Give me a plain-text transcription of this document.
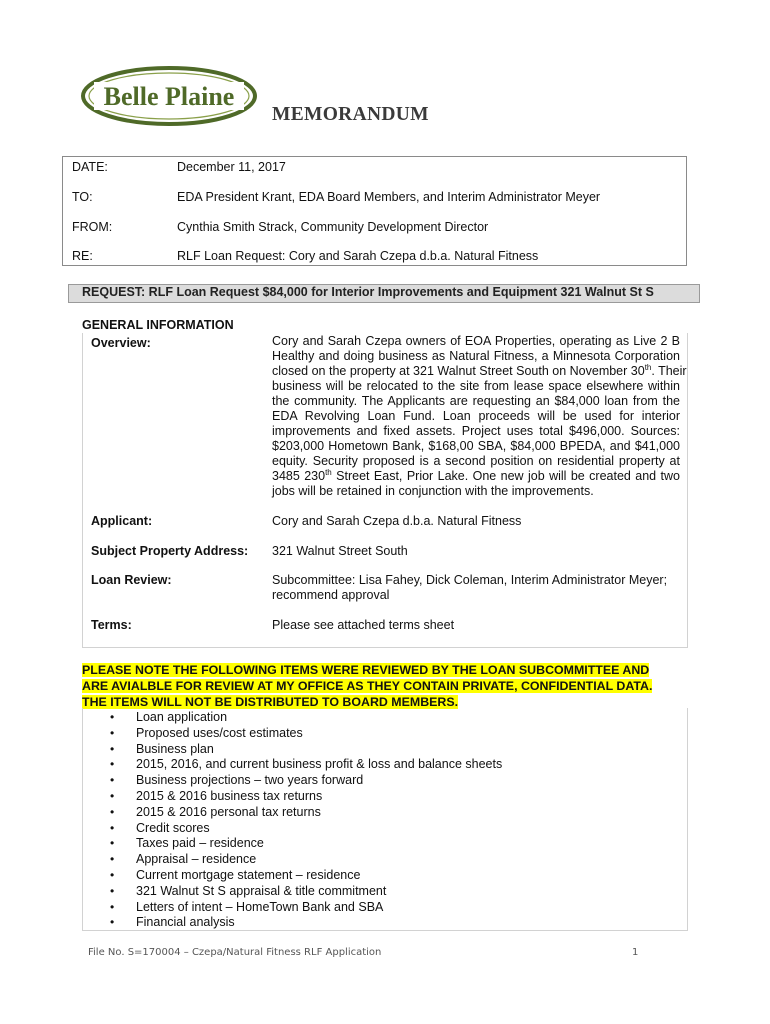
Belle Plaine
MEMORANDUM
DATE:	December 11, 2017
TO:	EDA President Krant, EDA Board Members, and Interim Administrator Meyer
FROM:	Cynthia Smith Strack, Community Development Director
RE:	RLF Loan Request: Cory and Sarah Czepa d.b.a. Natural Fitness
REQUEST: RLF Loan Request $84,000 for Interior Improvements and Equipment 321 Walnut St S
GENERAL INFORMATION
Overview:	Cory and Sarah Czepa owners of EOA Properties, operating as Live 2 B
Healthy and doing business as Natural Fitness, a Minnesota Corporation
closed on the property at 321 Walnut Street South on November 30th. Their
business will be relocated to the site from lease space elsewhere within
the community. The Applicants are requesting an $84,000 loan from the
EDA Revolving Loan Fund. Loan proceeds will be used for interior
improvements and fixed assets. Project uses total $496,000. Sources:
$203,000 Hometown Bank, $168,00 SBA, $84,000 BPEDA, and $41,000
equity. Security proposed is a second position on residential property at
3485 230th Street East, Prior Lake. One new job will be created and two
jobs will be retained in conjunction with the improvements.
Applicant:	Cory and Sarah Czepa d.b.a. Natural Fitness
Subject Property Address: 321 Walnut Street South
Loan Review:	Subcommittee: Lisa Fahey, Dick Coleman, Interim Administrator Meyer;
recommend approval
Terms:	Please see attached terms sheet
PLEASE NOTE THE FOLLOWING ITEMS WERE REVIEWED BY THE LOAN SUBCOMMITTEE AND
ARE AVIALBLE FOR REVIEW AT MY OFFICE AS THEY CONTAIN PRIVATE, CONFIDENTIAL DATA.
THE ITEMS WILL NOT BE DISTRIBUTED TO BOARD MEMBERS.
• Loan application
• Proposed uses/cost estimates
• Business plan
• 2015, 2016, and current business profit & loss and balance sheets
• Business projections – two years forward
• 2015 & 2016 business tax returns
• 2015 & 2016 personal tax returns
• Credit scores
• Taxes paid – residence
• Appraisal – residence
• Current mortgage statement – residence
• 321 Walnut St S appraisal & title commitment
• Letters of intent – HomeTown Bank and SBA
• Financial analysis
File No. S=170004 – Czepa/Natural Fitness RLF Application	1
